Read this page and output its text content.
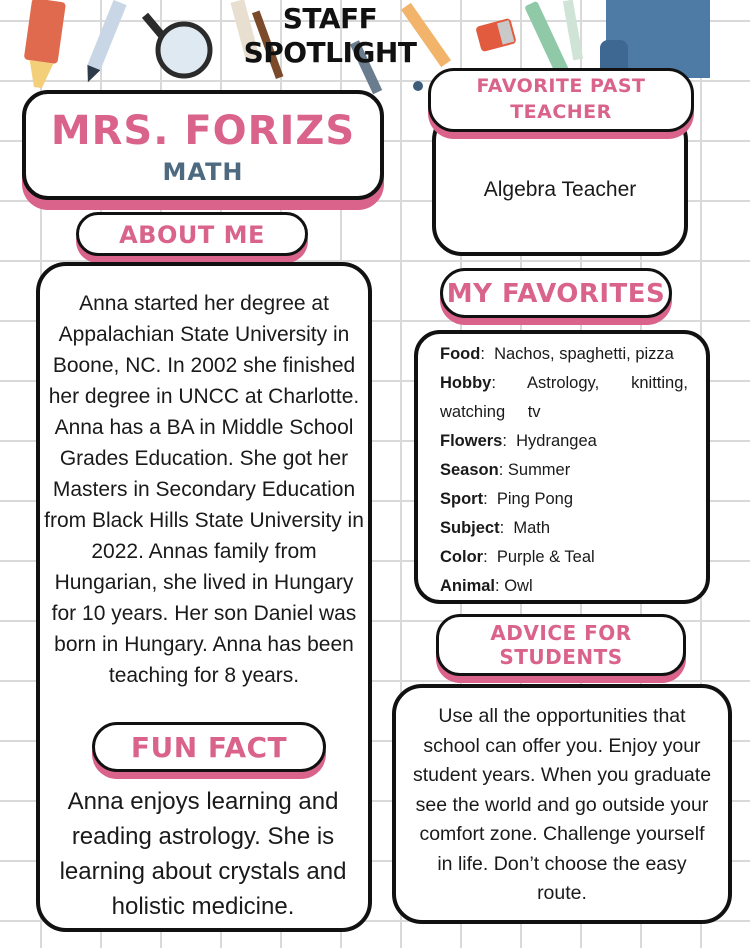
STAFF
SPOTLIGHT
MRS. FORIZS
MATH
ABOUT ME
Anna started her degree at Appalachian State University in Boone, NC. In 2002 she finished her degree in UNCC at Charlotte. Anna has a BA in Middle School Grades Education. She got her Masters in Secondary Education from Black Hills State University in 2022. Annas family from Hungarian, she lived in Hungary for 10 years. Her son Daniel was born in Hungary. Anna has been teaching for 8 years.
FUN FACT
Anna enjoys learning and reading astrology. She is learning about crystals and holistic medicine.
Algebra Teacher
FAVORITE PAST
TEACHER
MY FAVORITES

Food:  Nachos, spaghetti, pizza

Hobby: Astrology, knitting, watching tv

Flowers:  Hydrangea

Season: Summer

Sport:  Ping Pong

Subject:  Math

Color:  Purple & Teal

Animal: Owl

ADVICE FOR
STUDENTS
Use all the opportunities that school can offer you. Enjoy your student years. When you graduate see the world and go outside your comfort zone. Challenge yourself in life. Don’t choose the easy route.
